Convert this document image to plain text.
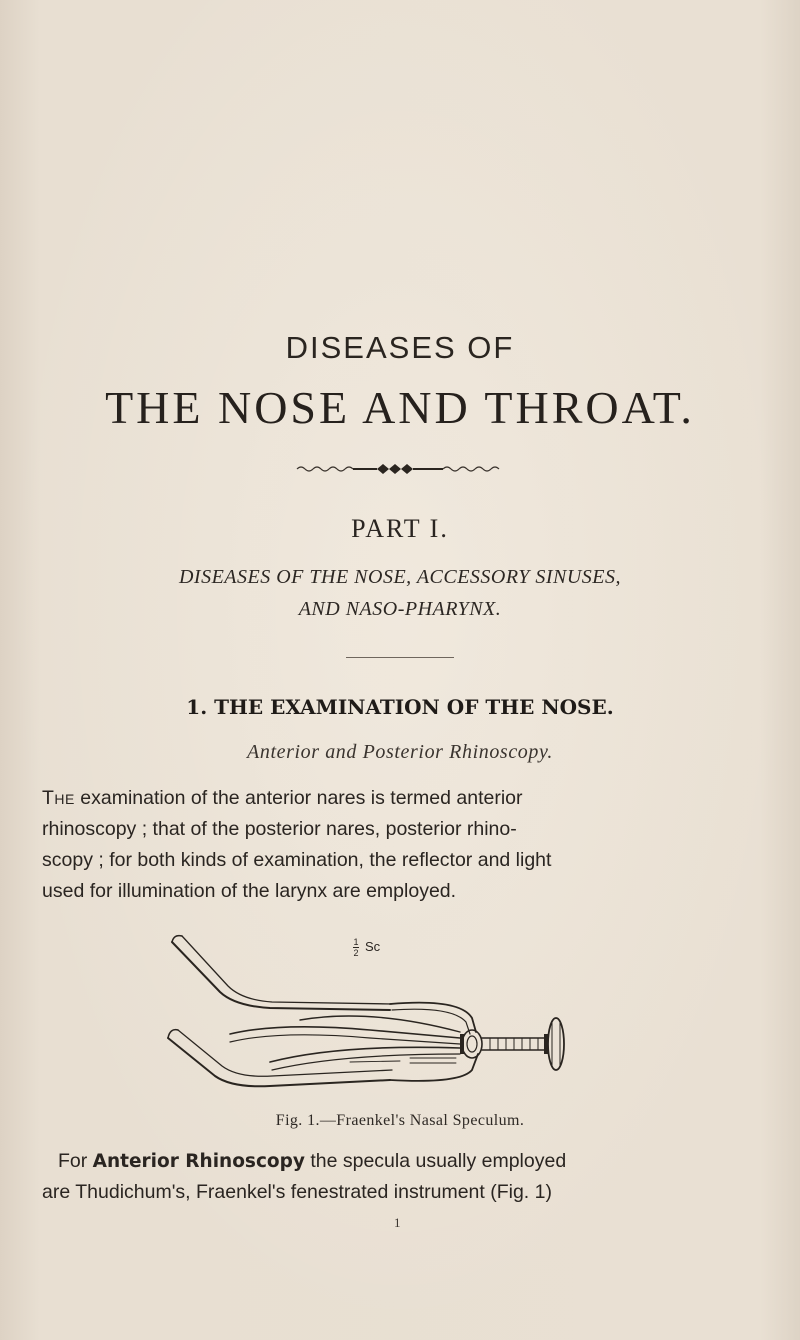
DISEASES OF
THE NOSE AND THROAT.
PART I.
DISEASES OF THE NOSE, ACCESSORY SINUSES,
AND NASO-PHARYNX.
1. THE EXAMINATION OF THE NOSE.
Anterior and Posterior Rhinoscopy.
The examination of the anterior nares is termed anterior
rhinoscopy ; that of the posterior nares, posterior rhino-
scopy ; for both kinds of examination, the reflector and light
used for illumination of the larynx are employed.
$\frac{1}{2}$ Sc
Fig. 1.—Fraenkel's Nasal Speculum.
For Anterior Rhinoscopy the specula usually employed
are Thudichum's, Fraenkel's fenestrated instrument (Fig. 1)
1
